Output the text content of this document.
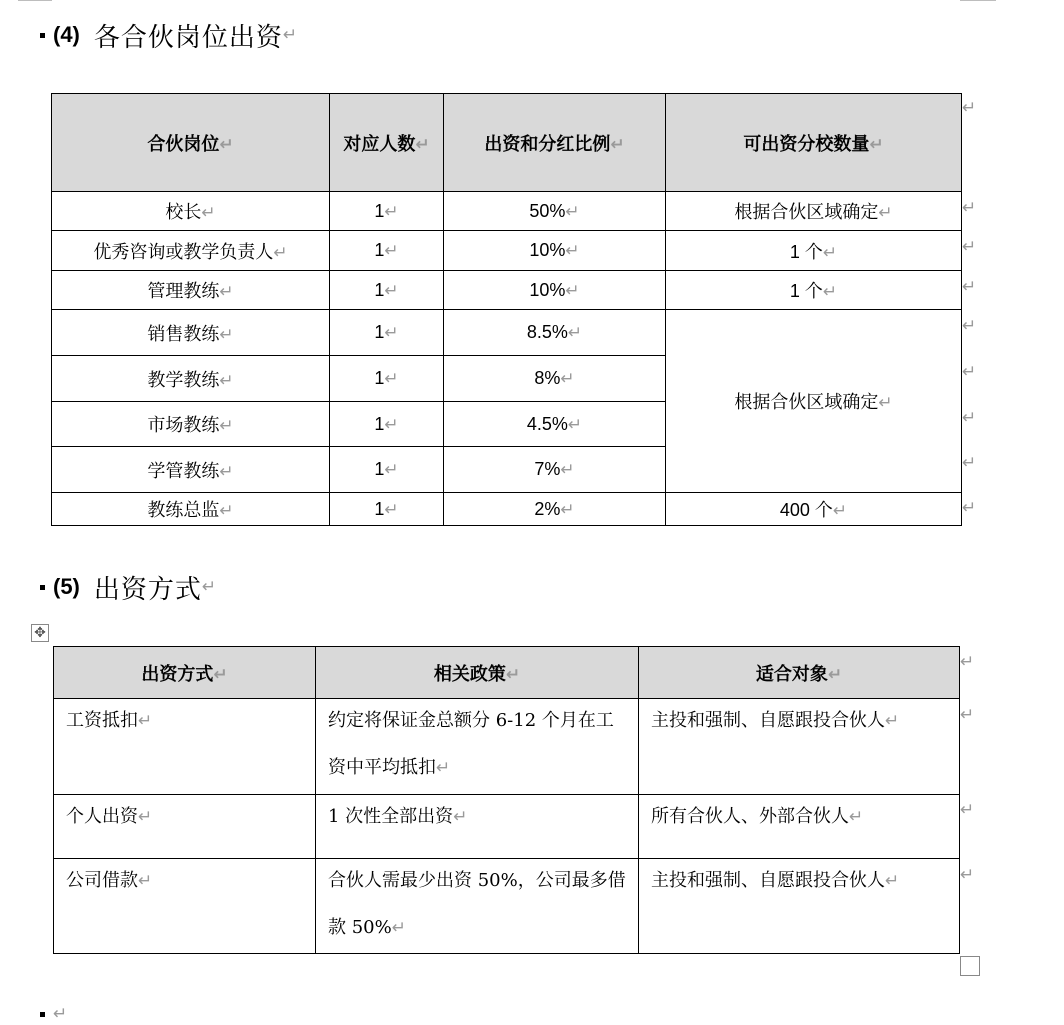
(4) 各合伙岗位出资 ↵
合伙岗位↵	对应人数↵	出资和分红比例↵	可出资分校数量↵
校长↵	1↵	50%↵	根据合伙区域确定↵
优秀咨询或教学负责人↵	1↵	10%↵	1 个↵
管理教练↵	1↵	10%↵	1 个↵
销售教练↵	1↵	8.5%↵	根据合伙区域确定↵
教学教练↵	1↵	8%↵	
市场教练↵	1↵	4.5%↵	
学管教练↵	1↵	7%↵	
教练总监↵	1↵	2%↵	400 个↵
↵
↵
↵
↵
↵
↵
↵
↵
↵
(5) 出资方式 ↵
✥
出资方式↵	相关政策↵	适合对象↵

工资抵扣↵	约定将保证金总额分 6-12 个月在工资中平均抵扣↵	主投和强制、自愿跟投合伙人↵

个人出资↵	1 次性全部出资↵	所有合伙人、外部合伙人↵

公司借款↵	合伙人需最少出资 50%，公司最多借款 50%↵	主投和强制、自愿跟投合伙人↵

↵
↵
↵
↵
↵
